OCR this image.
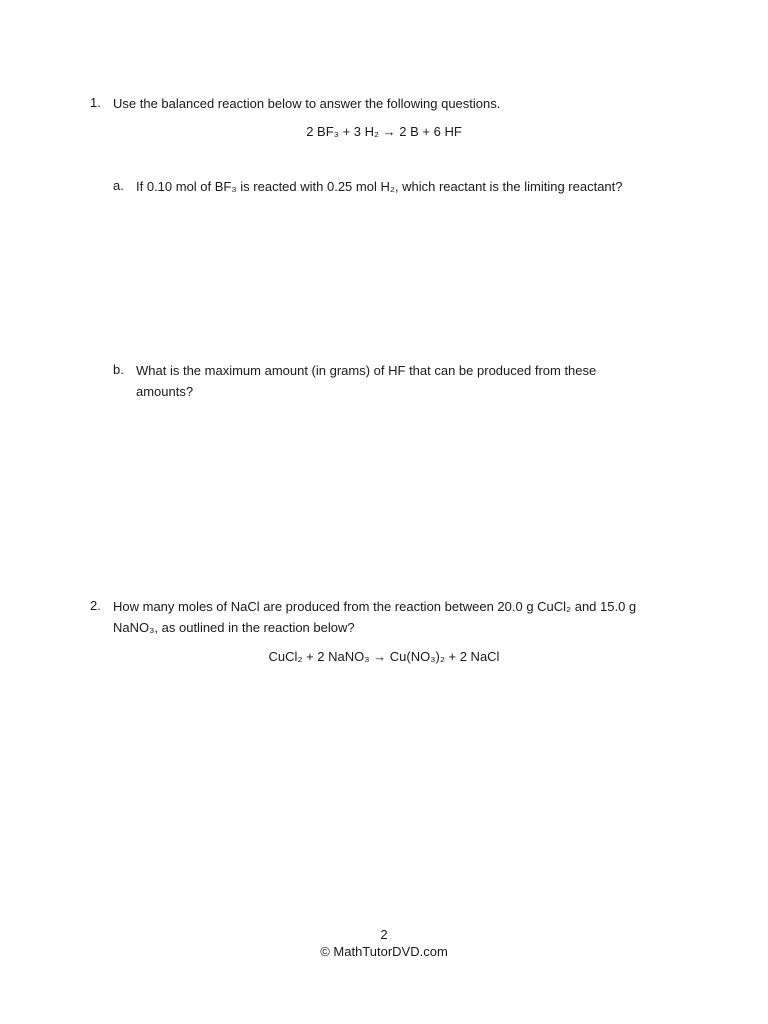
1. Use the balanced reaction below to answer the following questions.
2 BF₃ + 3 H₂ → 2 B + 6 HF
a. If 0.10 mol of BF₃ is reacted with 0.25 mol H₂, which reactant is the limiting reactant?
b. What is the maximum amount (in grams) of HF that can be produced from these
amounts?
2. How many moles of NaCl are produced from the reaction between 20.0 g CuCl₂ and 15.0 g
NaNO₃, as outlined in the reaction below?
CuCl₂ + 2 NaNO₃ → Cu(NO₃)₂ + 2 NaCl
2
© MathTutorDVD.com
